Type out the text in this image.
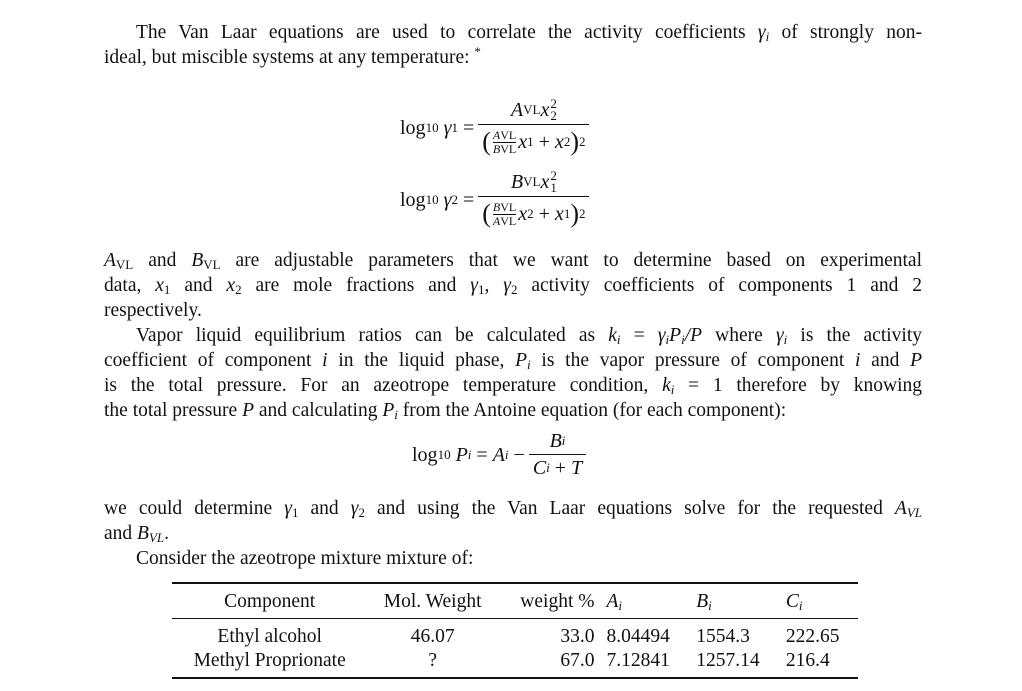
The Van Laar equations are used to correlate the activity coefficients $\gamma_i$ of strongly non-
ideal, but miscible systems at any temperature: *
log 10
γ 1
= A VL x 2
2
( AVL
BVL x 1
+
x 2 ) 2
log 10
γ 2
= B VL x 2
1
( BVL
AVL x 2
+
x 1 ) 2
$A_{VL}$ and $B_{VL}$ are adjustable parameters that we want to determine based on experimental
data, $x_1$ and $x_2$ are mole fractions and $\gamma_1$, $\gamma_2$ activity coefficients of components 1 and 2
respectively.
Vapor liquid equilibrium ratios can be calculated as $k_i = \gamma_iP_i/P$ where $\gamma_i$ is the activity
coefficient of component i in the liquid phase, $P_i$ is the vapor pressure of component i and P
is the total pressure. For an azeotrope temperature condition, $k_i = 1$ therefore by knowing
the total pressure P and calculating $P_i$ from the Antoine equation (for each component):
log 10
P i
=
A i
− B i
C i
+
T
we could determine $\gamma_1$ and $\gamma_2$ and using the Van Laar equations solve for the requested $A_{VL}$
and $B_{VL}$.
Consider the azeotrope mixture mixture of:
Component	Mol. Weight	weight %	$A_i$	$B_i$	$C_i$
Ethyl alcohol	46.07	33.0	8.04494	1554.3	222.65
Methyl Proprionate	?	67.0	7.12841	1257.14	216.4
